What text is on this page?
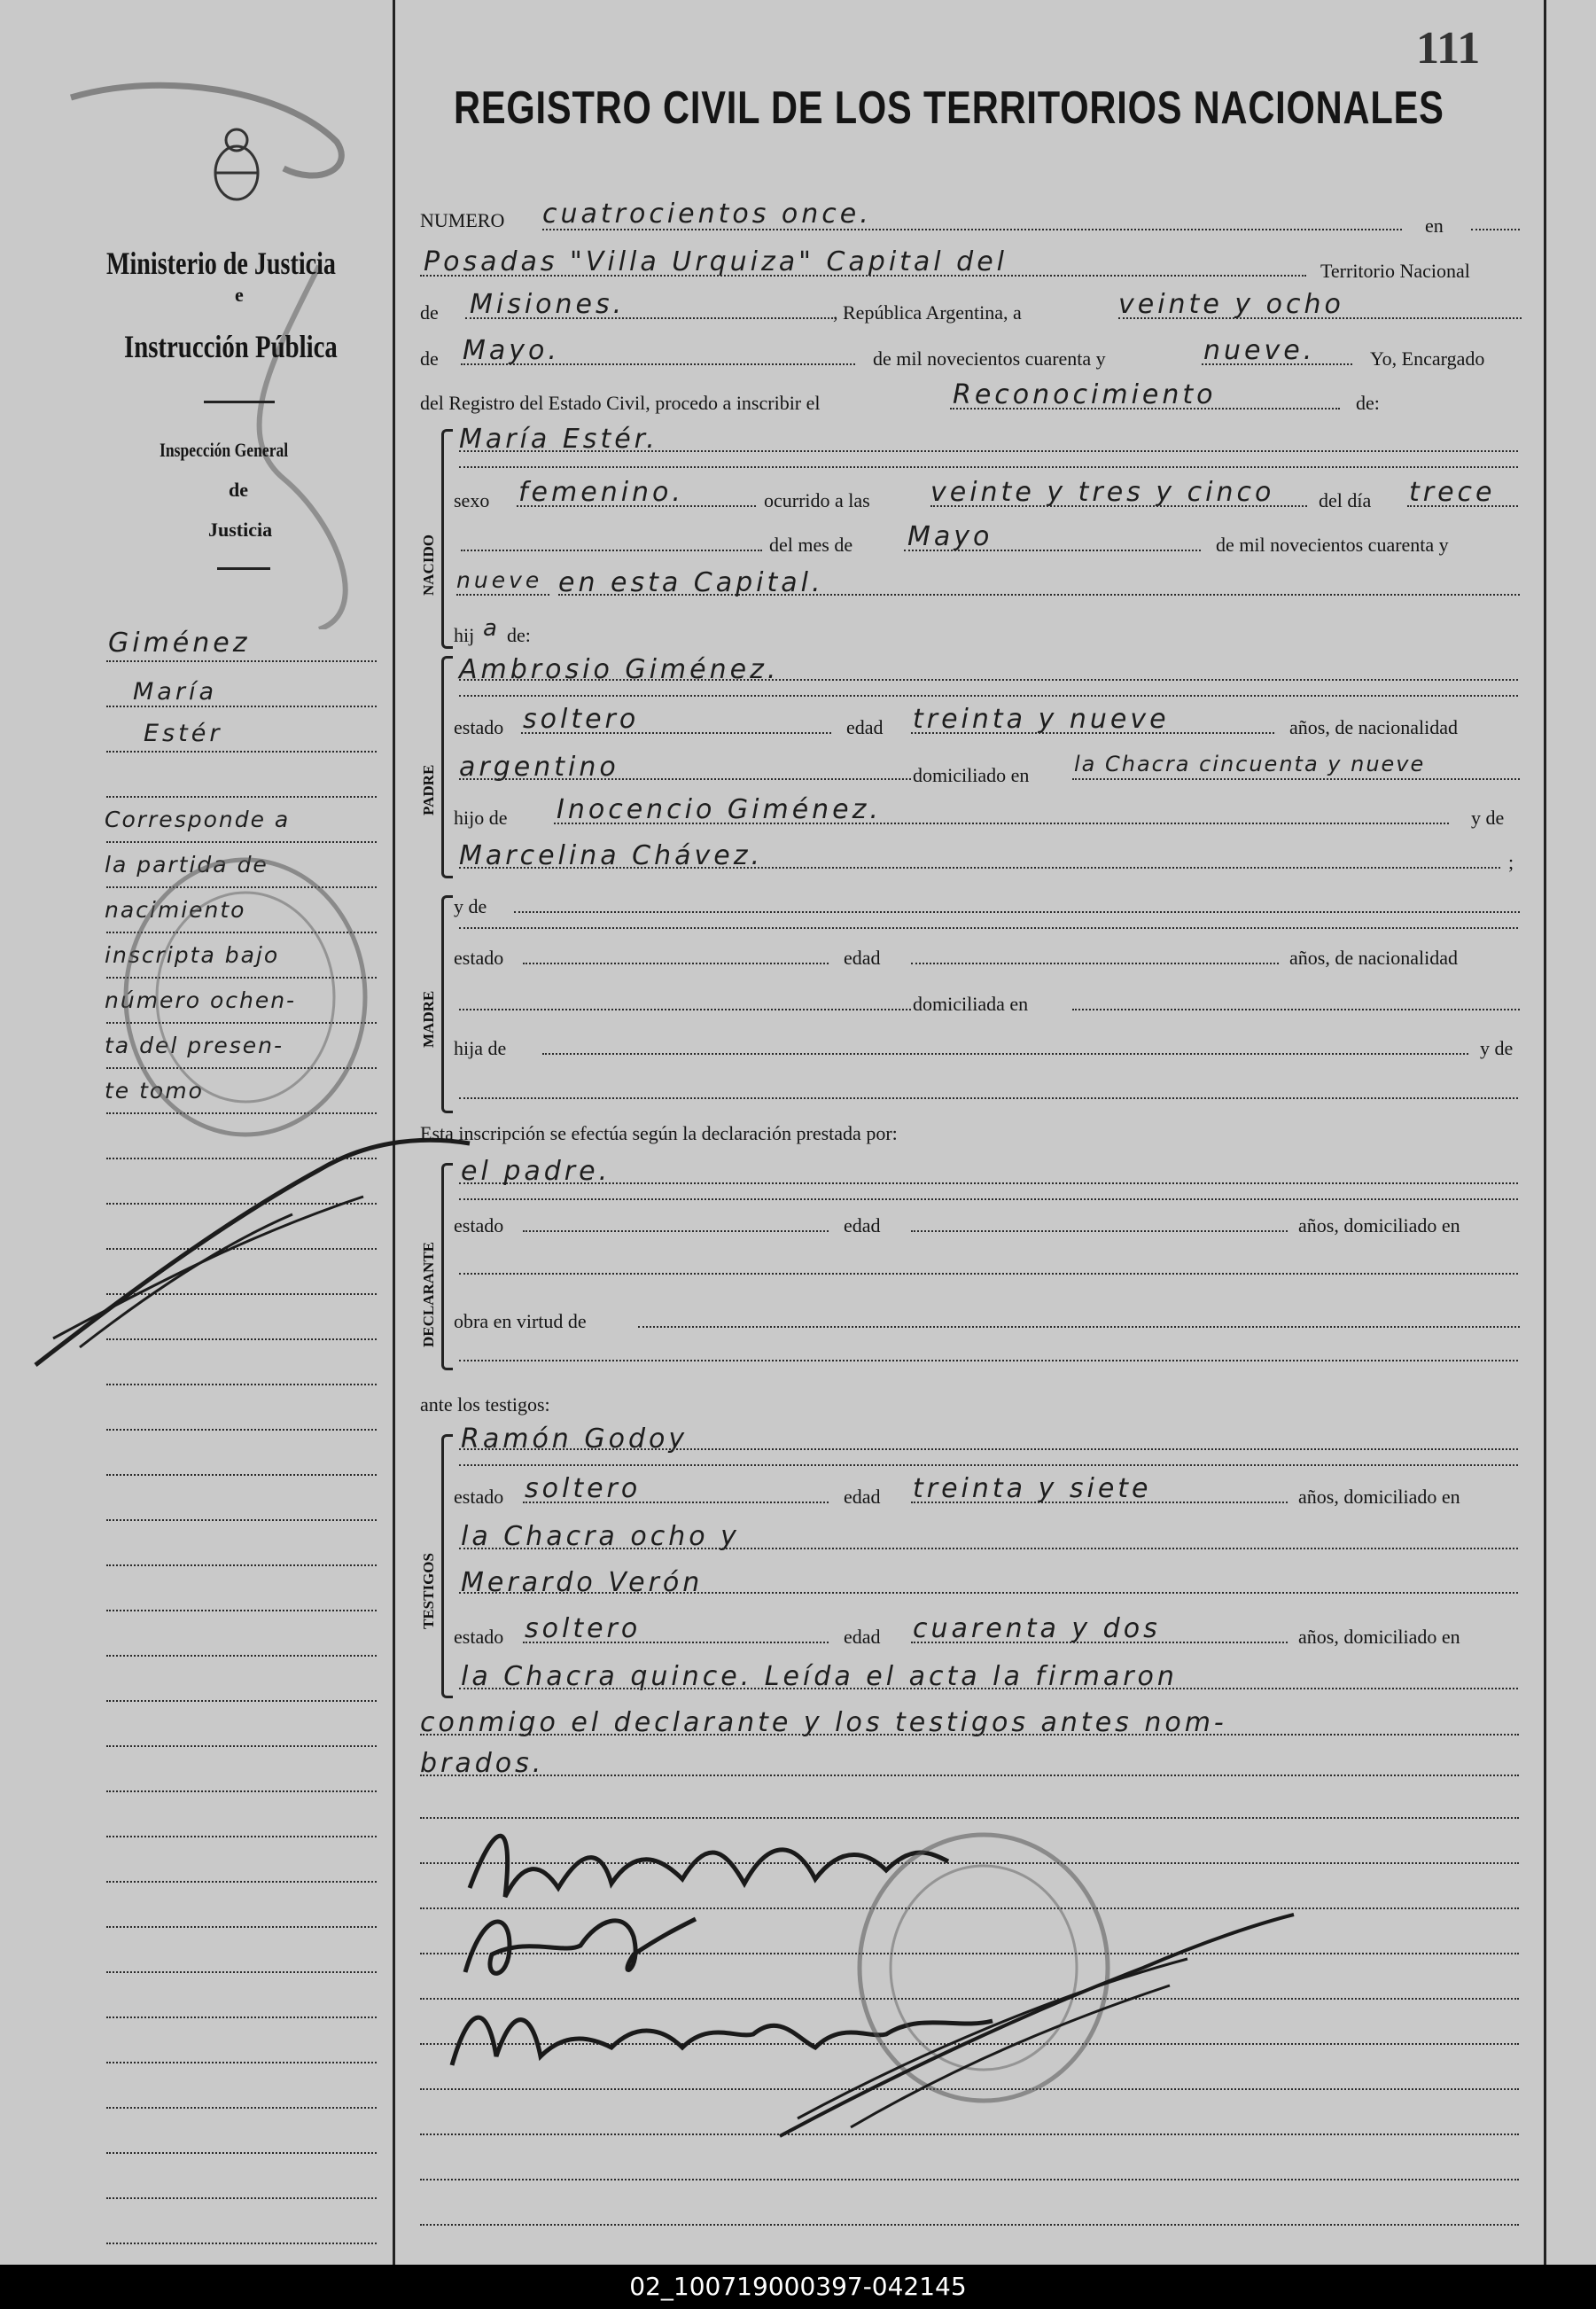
111
REGISTRO CIVIL DE LOS TERRITORIOS NACIONALES
Ministerio de Justicia
e
Instrucción Pública
Inspección General
de
Justicia
Giménez
María
Estér
Corresponde a
la partida de
nacimiento
inscripta bajo
número ochen-
ta del presen-
te tomo
NUMERO cuatrocientos once.	en
Posadas "Villa Urquiza" Capital del	Territorio Nacional
de Misiones.	, República Argentina, a	veinte y ocho
de Mayo.	de mil novecientos cuarenta y	nueve.	Yo, Encargado
del Registro del Estado Civil, procedo a inscribir el	Reconocimiento	de:
NACIDO
María Estér.
sexo femenino.	ocurrido a las veinte y tres y cinco del día trece
del mes de Mayo	de mil novecientos cuarenta y
nueve en esta Capital.
hij a de:
PADRE
Ambrosio Giménez.
estado soltero	edad treinta y nueve	años, de nacionalidad
argentino	domiciliado en la Chacra cincuenta y nueve
hijo de Inocencio Giménez.	y de
Marcelina Chávez.	;
MADRE
y de
estado	edad	años, de nacionalidad
domiciliada en
hija de	y de
Esta inscripción se efectúa según la declaración prestada por:
DECLARANTE
el padre.
estado	edad	años, domiciliado en
obra en virtud de
ante los testigos:
TESTIGOS
Ramón Godoy
estado soltero	edad treinta y siete	años, domiciliado en
la Chacra ocho y
Merardo Verón
estado soltero	edad cuarenta y dos	años, domiciliado en
la Chacra quince. Leída el acta la firmaron
conmigo el declarante y los testigos antes nom-
brados.
02_100719000397-042145
